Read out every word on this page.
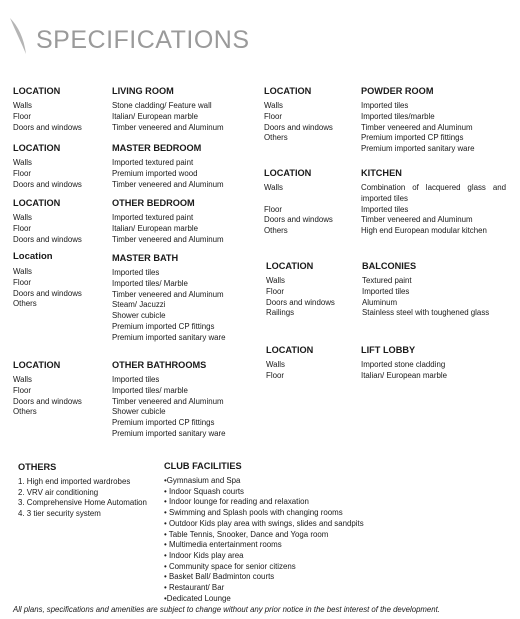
SPECIFICATIONS
LOCATION
Walls
Floor
Doors and windows
LIVING ROOM
Stone cladding/ Feature wall
Italian/ European marble
Timber veneered and Aluminum
LOCATION
Walls
Floor
Doors and windows
Others
POWDER ROOM
Imported tiles
Imported tiles/marble
Timber veneered and Aluminum
Premium imported CP fittings
Premium imported sanitary ware
LOCATION
Walls
Floor
Doors and windows
MASTER BEDROOM
Imported textured paint
Premium imported wood
Timber veneered and Aluminum
LOCATION
Walls
Floor
Doors and windows
Others
KITCHEN
Combination of lacquered glass and imported tiles
Imported tiles
Timber veneered and Aluminum
High end European modular kitchen
LOCATION
Walls
Floor
Doors and windows
OTHER BEDROOM
Imported textured paint
Italian/ European marble
Timber veneered and Aluminum
Location
Walls
Floor
Doors and windows
Others
MASTER BATH
Imported tiles
Imported tiles/ Marble
Timber veneered and Aluminum
Steam/ Jacuzzi
Shower cubicle
Premium imported CP fittings
Premium imported sanitary ware
LOCATION
Walls
Floor
Doors and windows
Railings
BALCONIES
Textured paint
Imported tiles
Aluminum
Stainless steel with toughened glass
LOCATION
Walls
Floor
LIFT LOBBY
Imported stone cladding
Italian/ European marble
LOCATION
Walls
Floor
Doors and windows
Others
OTHER BATHROOMS
Imported tiles
Imported tiles/ marble
Timber veneered and Aluminum
Shower cubicle
Premium imported CP fittings
Premium imported sanitary ware
OTHERS
1. High end imported wardrobes
2. VRV air conditioning
3. Comprehensive Home Automation
4. 3 tier security system
CLUB FACILITIES
•Gymnasium and Spa
• Indoor Squash courts
• Indoor lounge for reading and relaxation
• Swimming and Splash pools with changing rooms
• Outdoor Kids play area with swings, slides and sandpits
• Table Tennis, Snooker, Dance and Yoga room
• Multimedia entertainment rooms
• Indoor Kids play area
• Community space for senior citizens
• Basket Ball/ Badminton courts
• Restaurant/ Bar
•Dedicated Lounge
All plans, specifications and amenities are subject to change without any prior notice in the best interest of the development.
